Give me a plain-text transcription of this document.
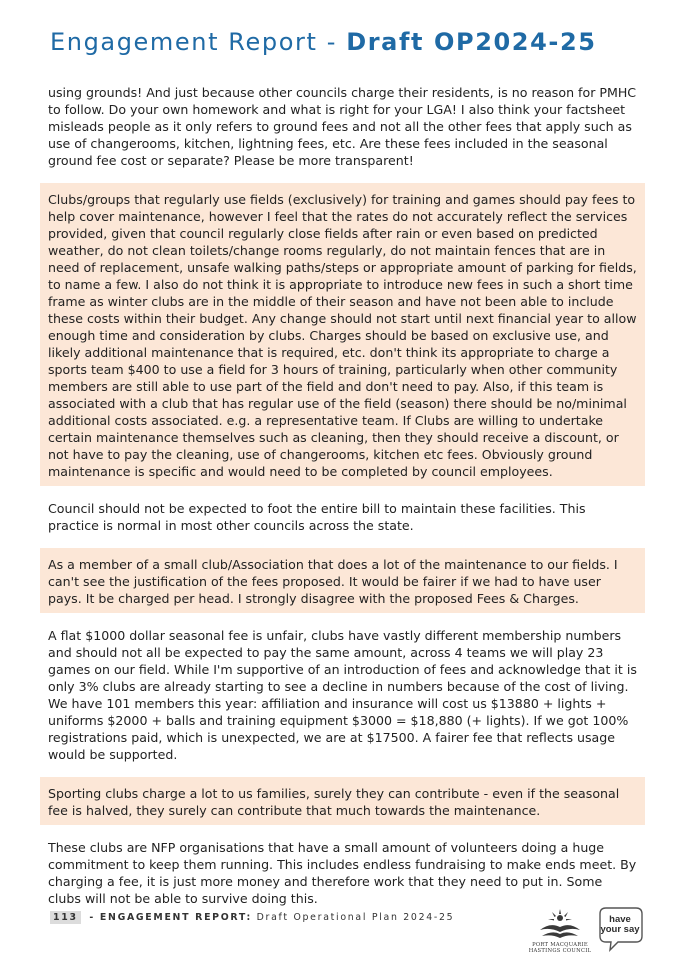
Engagement Report - Draft OP2024-25

using grounds! And just because other councils charge their residents, is no reason for PMHC to follow. Do your own homework and what is right for your LGA! I also think your factsheet misleads people as it only refers to ground fees and not all the other fees that apply such as use of changerooms, kitchen, lightning fees, etc. Are these fees included in the seasonal ground fee cost or separate? Please be more transparent!

Clubs/groups that regularly use fields (exclusively) for training and games should pay fees to help cover maintenance, however I feel that the rates do not accurately reflect the services provided, given that council regularly close fields after rain or even based on predicted weather, do not clean toilets/change rooms regularly, do not maintain fences that are in need of replacement, unsafe walking paths/steps or appropriate amount of parking for fields, to name a few. I also do not think it is appropriate to introduce new fees in such a short time frame as winter clubs are in the middle of their season and have not been able to include these costs within their budget. Any change should not start until next financial year to allow enough time and consideration by clubs. Charges should be based on exclusive use, and likely additional maintenance that is required, etc. don't think its appropriate to charge a sports team $400 to use a field for 3 hours of training, particularly when other community members are still able to use part of the field and don't need to pay. Also, if this team is associated with a club that has regular use of the field (season) there should be no/minimal additional costs associated. e.g. a representative team. If Clubs are willing to undertake certain maintenance themselves such as cleaning, then they should receive a discount, or not have to pay the cleaning, use of changerooms, kitchen etc fees. Obviously ground maintenance is specific and would need to be completed by council employees.

Council should not be expected to foot the entire bill to maintain these facilities. This practice is normal in most other councils across the state.

As a member of a small club/Association that does a lot of the maintenance to our fields. I can't see the justification of the fees proposed. It would be fairer if we had to have user pays. It be charged per head. I strongly disagree with the proposed Fees & Charges.

A flat $1000 dollar seasonal fee is unfair, clubs have vastly different membership numbers and should not all be expected to pay the same amount, across 4 teams we will play 23 games on our field. While I'm supportive of an introduction of fees and acknowledge that it is only 3% clubs are already starting to see a decline in numbers because of the cost of living. We have 101 members this year: affiliation and insurance will cost us $13880 + lights + uniforms $2000 + balls and training equipment $3000 = $18,880 (+ lights). If we got 100% registrations paid, which is unexpected, we are at $17500. A fairer fee that reflects usage would be supported.

Sporting clubs charge a lot to us families, surely they can contribute - even if the seasonal fee is halved, they surely can contribute that much towards the maintenance.

These clubs are NFP organisations that have a small amount of volunteers doing a huge commitment to keep them running. This includes endless fundraising to make ends meet. By charging a fee, it is just more money and therefore work that they need to put in. Some clubs will not be able to survive doing this.

113 - ENGAGEMENT REPORT: Draft Operational Plan 2024-25
PORT MACQUARIE
HASTINGS COUNCIL
have
your say
